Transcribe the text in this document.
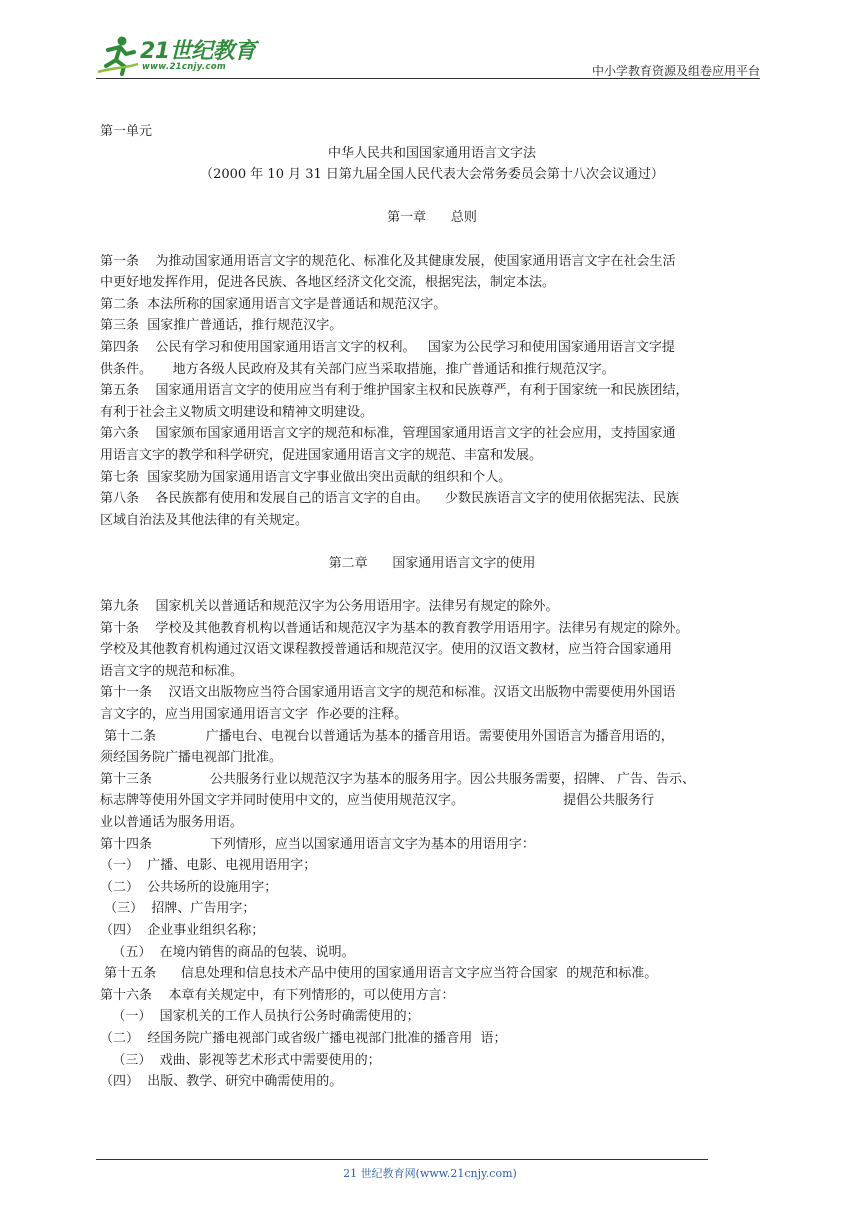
21世纪教育
www.21cnjy.com	中小学教育资源及组卷应用平台
第一单元
中华人民共和国国家通用语言文字法
（2000 年 10 月 31 日第九届全国人民代表大会常务委员会第十八次会议通过）
第一章      总则
第一条    为推动国家通用语言文字的规范化、标准化及其健康发展，使国家通用语言文字在社会生活
中更好地发挥作用，促进各民族、各地区经济文化交流，根据宪法，制定本法。
第二条  本法所称的国家通用语言文字是普通话和规范汉字。
第三条  国家推广普通话，推行规范汉字。
第四条    公民有学习和使用国家通用语言文字的权利。   国家为公民学习和使用国家通用语言文字提
供条件。     地方各级人民政府及其有关部门应当采取措施，推广普通话和推行规范汉字。
第五条    国家通用语言文字的使用应当有利于维护国家主权和民族尊严，有利于国家统一和民族团结，
有利于社会主义物质文明建设和精神文明建设。
第六条    国家颁布国家通用语言文字的规范和标准，管理国家通用语言文字的社会应用，支持国家通
用语言文字的教学和科学研究，促进国家通用语言文字的规范、丰富和发展。
第七条  国家奖励为国家通用语言文字事业做出突出贡献的组织和个人。
第八条    各民族都有使用和发展自己的语言文字的自由。    少数民族语言文字的使用依据宪法、民族
区域自治法及其他法律的有关规定。
第二章      国家通用语言文字的使用
第九条    国家机关以普通话和规范汉字为公务用语用字。法律另有规定的除外。
第十条    学校及其他教育机构以普通话和规范汉字为基本的教育教学用语用字。法律另有规定的除外。
学校及其他教育机构通过汉语文课程教授普通话和规范汉字。使用的汉语文教材，应当符合国家通用
语言文字的规范和标准。
第十一条    汉语文出版物应当符合国家通用语言文字的规范和标准。汉语文出版物中需要使用外国语
言文字的，应当用国家通用语言文字  作必要的注释。
第十二条            广播电台、电视台以普通话为基本的播音用语。需要使用外国语言为播音用语的，
须经国务院广播电视部门批准。
第十三条              公共服务行业以规范汉字为基本的服务用字。因公共服务需要，招牌、 广告、告示、
标志牌等使用外国文字并同时使用中文的，应当使用规范汉字。                        提倡公共服务行
业以普通话为服务用语。
第十四条              下列情形，应当以国家通用语言文字为基本的用语用字：
（一）  广播、电影、电视用语用字；
（二）  公共场所的设施用字；
（三）  招牌、广告用字；
（四）  企业事业组织名称；
（五）  在境内销售的商品的包装、说明。
第十五条      信息处理和信息技术产品中使用的国家通用语言文字应当符合国家  的规范和标准。
第十六条    本章有关规定中，有下列情形的，可以使用方言：
（一）  国家机关的工作人员执行公务时确需使用的；
（二）  经国务院广播电视部门或省级广播电视部门批准的播音用  语；
（三）  戏曲、影视等艺术形式中需要使用的；
（四）  出版、教学、研究中确需使用的。
21 世纪教育网(www.21cnjy.com)
